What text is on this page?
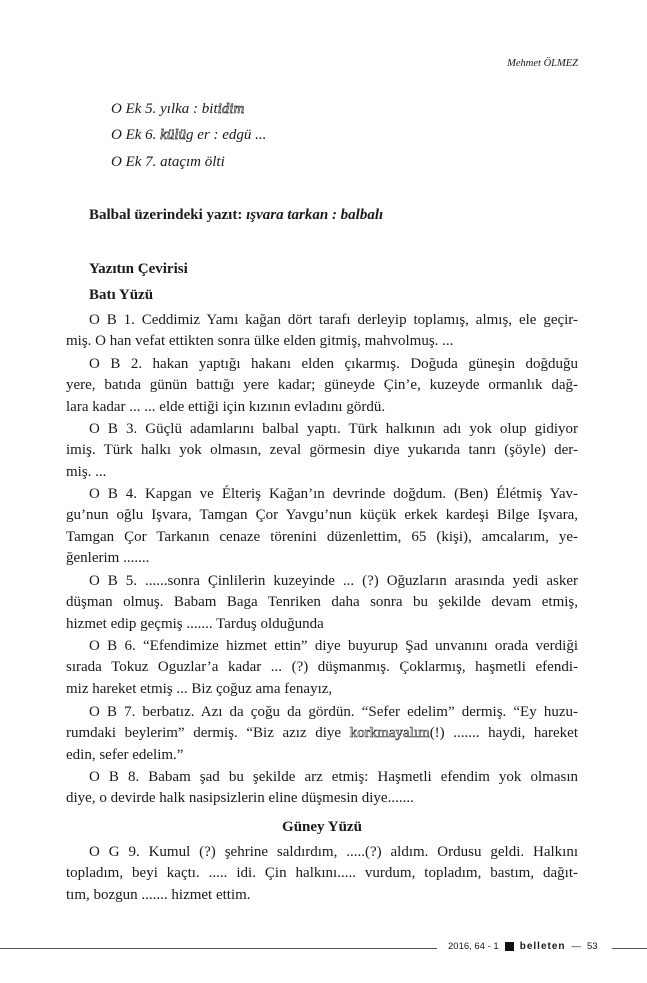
Mehmet ÖLMEZ
O Ek 5. yılka : bitidim
O Ek 6. külüg er : edgü ...
O Ek 7. ataçım ölti
Balbal üzerindeki yazıt: ışvara tarkan : balbalı
Yazıtın Çevirisi
Batı Yüzü
O B 1. Ceddimiz Yamı kağan dört tarafı derleyip toplamış, almış, ele geçir-
miş. O han vefat ettikten sonra ülke elden gitmiş, mahvolmuş. ...
O B 2. hakan yaptığı hakanı elden çıkarmış. Doğuda güneşin doğduğu
yere, batıda günün battığı yere kadar; güneyde Çin’e, kuzeyde ormanlık dağ-
lara kadar ... ... elde ettiği için kızının evladını gördü.
O B 3. Güçlü adamlarını balbal yaptı. Türk halkının adı yok olup gidiyor
imiş. Türk halkı yok olmasın, zeval görmesin diye yukarıda tanrı (şöyle) der-
miş. ...
O B 4. Kapgan ve Élteriş Kağan’ın devrinde doğdum. (Ben) Élétmiş Yav-
gu’nun oğlu Işvara, Tamgan Çor Yavgu’nun küçük erkek kardeşi Bilge Işvara,
Tamgan Çor Tarkanın cenaze törenini düzenlettim, 65 (kişi), amcalarım, ye-
ğenlerim .......
O B 5. ......sonra Çinlilerin kuzeyinde ... (?) Oğuzların arasında yedi asker
düşman olmuş. Babam Baga Tenriken daha sonra bu şekilde devam etmiş,
hizmet edip geçmiş ....... Tarduş olduğunda
O B 6. “Efendimize hizmet ettin” diye buyurup Şad unvanını orada verdiği
sırada Tokuz Oguzlar’a kadar ... (?) düşmanmış. Çoklarmış, haşmetli efendi-
miz hareket etmiş ... Biz çoğuz ama fenayız,
O B 7. berbatız. Azı da çoğu da gördün. “Sefer edelim” dermiş. “Ey huzu-
rumdaki beylerim” dermiş. “Biz azız diye korkmayalım(!) ....... haydi, hareket
edin, sefer edelim.”
O B 8. Babam şad bu şekilde arz etmiş: Haşmetli efendim yok olmasın
diye, o devirde halk nasipsizlerin eline düşmesin diye.......
Güney Yüzü
O G 9. Kumul (?) şehrine saldırdım, .....(?) aldım. Ordusu geldi. Halkını
topladım, beyi kaçtı. ..... idi. Çin halkını..... vurdum, topladım, bastım, dağıt-
tım, bozgun ....... hizmet ettim.
2016, 64 - 1 belleten — 53
